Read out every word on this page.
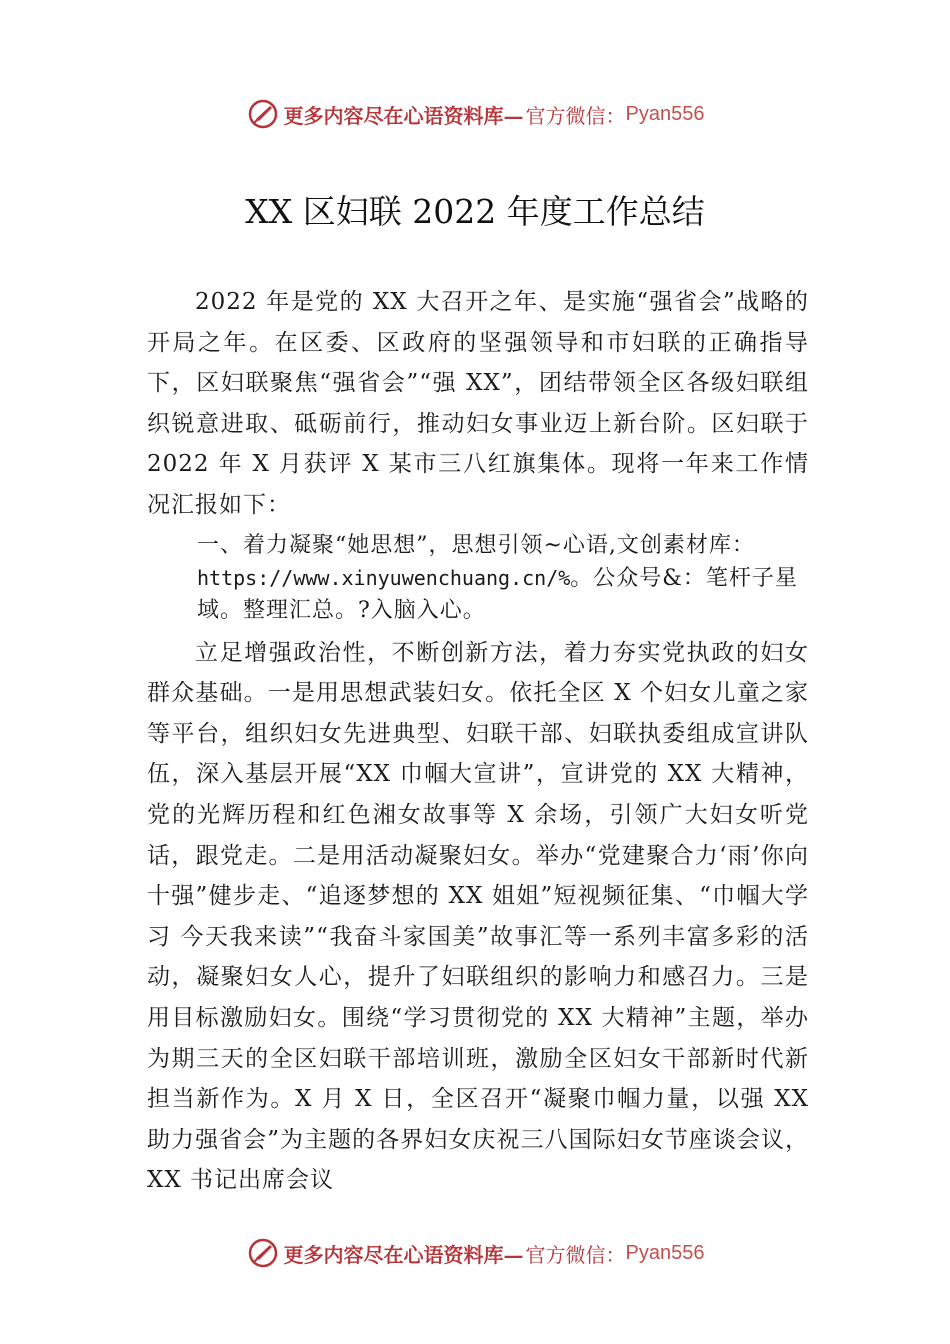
更多内容尽在心语资料库— 官方微信： Pyan556
XX 区妇联 2022 年度工作总结

2022 年是党的 XX 大召开之年、是实施“强省会”战略的开局之年。在区委、区政府的坚强领导和市妇联的正确指导下，区妇联聚焦“强省会”“强 XX”，团结带领全区各级妇联组织锐意进取、砥砺前行，推动妇女事业迈上新台阶。区妇联于 2022 年 X 月获评 X 某市三八红旗集体。现将一年来工作情况汇报如下：

一、着力凝聚“她思想”，思想引领~心语,文创素材库： https://www.xinyuwenchuang.cn/%。公众号&：笔杆子星域。整理汇总。?入脑入心。

立足增强政治性，不断创新方法，着力夯实党执政的妇女群众基础。一是用思想武装妇女。依托全区 X 个妇女儿童之家等平台，组织妇女先进典型、妇联干部、妇联执委组成宣讲队伍，深入基层开展“XX 巾帼大宣讲”，宣讲党的 XX 大精神，党的光辉历程和红色湘女故事等 X 余场，引领广大妇女听党话，跟党走。二是用活动凝聚妇女。举办“党建聚合力‘雨’你向十强”健步走、“追逐梦想的 XX 姐姐”短视频征集、“巾帼大学习 今天我来读”“我奋斗家国美”故事汇等一系列丰富多彩的活动，凝聚妇女人心，提升了妇联组织的影响力和感召力。三是用目标激励妇女。围绕“学习贯彻党的 XX 大精神”主题，举办为期三天的全区妇联干部培训班，激励全区妇女干部新时代新担当新作为。X 月 X 日，全区召开“凝聚巾帼力量，以强 XX 助力强省会”为主题的各界妇女庆祝三八国际妇女节座谈会议，XX 书记出席会议

更多内容尽在心语资料库— 官方微信： Pyan556
